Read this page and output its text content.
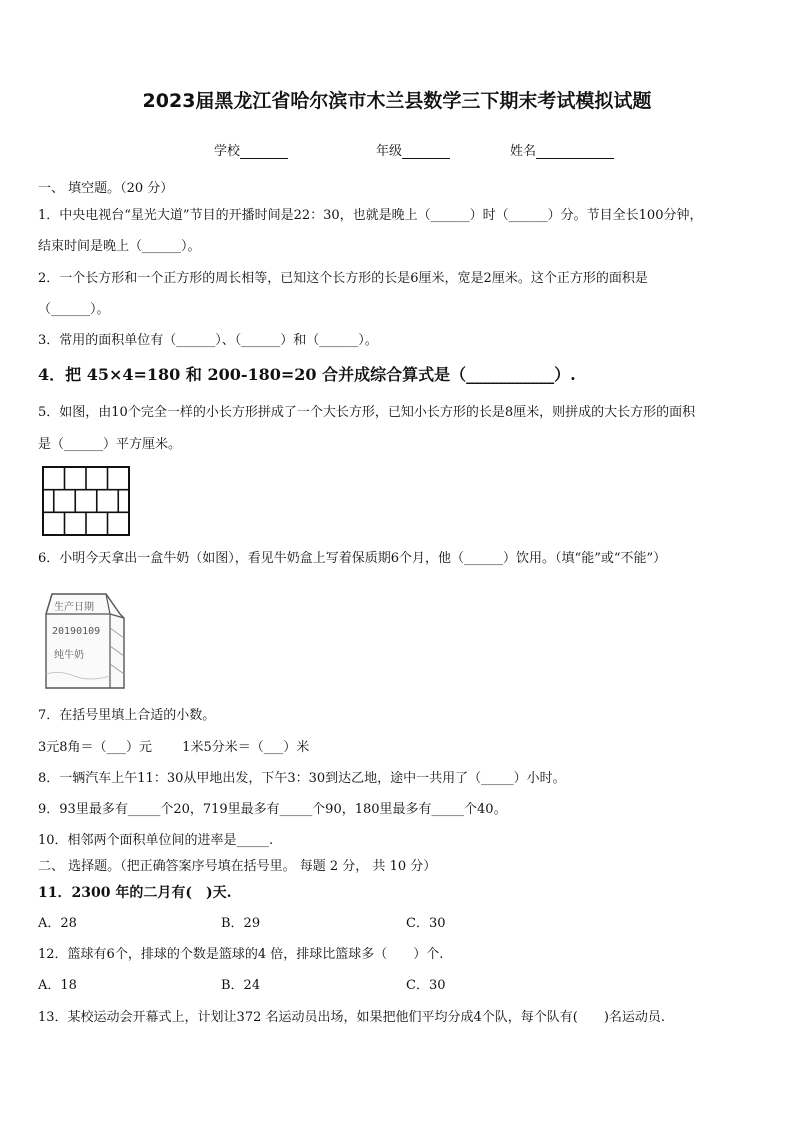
2023届黑龙江省哈尔滨市木兰县数学三下期末考试模拟试题
学校	年级	姓名
一、 填空题。（20 分）
1．中央电视台“星光大道”节目的开播时间是22：30，也就是晚上（______）时（______）分。节目全长100分钟，
结束时间是晚上（______）。
2．一个长方形和一个正方形的周长相等，已知这个长方形的长是6厘米，宽是2厘米。这个正方形的面积是
（______）。
3．常用的面积单位有（______）、（______）和（______）。
4．把 45×4=180 和 200-180=20 合并成综合算式是（___________）.
5．如图，由10个完全一样的小长方形拼成了一个大长方形，已知小长方形的长是8厘米，则拼成的大长方形的面积
是（______）平方厘米。
6．小明今天拿出一盒牛奶（如图），看见牛奶盒上写着保质期6个月，他（______）饮用。（填“能”或“不能”）
生产日期
20190109
纯牛奶
7．在括号里填上合适的小数。
3元8角＝（___）元　　 1米5分米＝（___）米
8．一辆汽车上午11：30从甲地出发，下午3：30到达乙地，途中一共用了（_____）小时。
9．93里最多有_____个20，719里最多有_____个90，180里最多有_____个40。
10．相邻两个面积单位间的进率是_____.
二、 选择题。（把正确答案序号填在括号里。 每题 2 分， 共 10 分）
11．2300 年的二月有(　)天.
A．28	B．29	C．30
12．篮球有6个，排球的个数是篮球的4 倍，排球比篮球多（　　）个.
A．18	B．24	C．30
13．某校运动会开幕式上，计划让372 名运动员出场，如果把他们平均分成4个队，每个队有(　　)名运动员.
